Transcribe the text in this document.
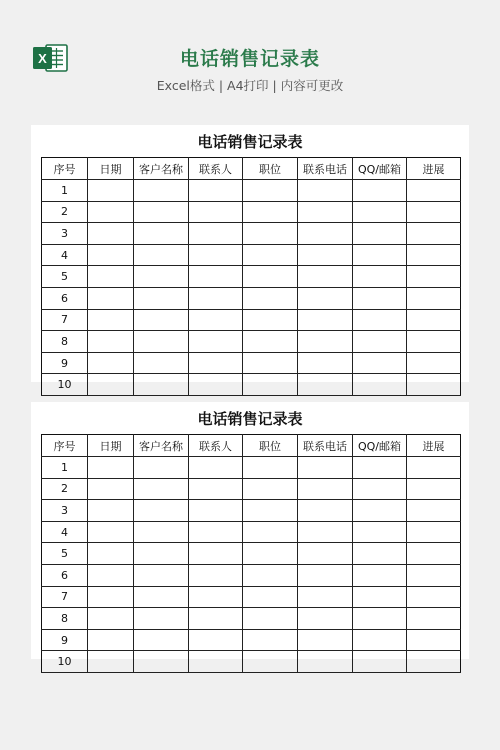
X	电话销售记录表
Excel格式 | A4打印 | 内容可更改
电话销售记录表
序号	日期	客户名称	联系人	职位	联系电话	QQ/邮箱	进展
1							
2							
3							
4							
5							
6							
7							
8							
9							
10							
电话销售记录表
序号	日期	客户名称	联系人	职位	联系电话	QQ/邮箱	进展
1							
2							
3							
4							
5							
6							
7							
8							
9							
10							
